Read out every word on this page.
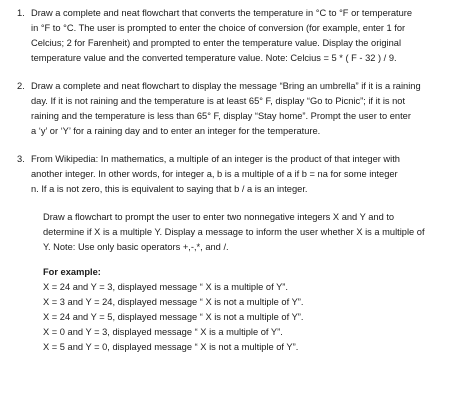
1. Draw a complete and neat flowchart that converts the temperature in °C to °F or temperature
in °F to °C. The user is prompted to enter the choice of conversion (for example, enter 1 for
Celcius; 2 for Farenheit) and prompted to enter the temperature value. Display the original
temperature value and the converted temperature value. Note: Celcius = 5 * ( F - 32 ) / 9.
2. Draw a complete and neat flowchart to display the message “Bring an umbrella” if it is a raining
day. If it is not raining and the temperature is at least 65° F, display “Go to Picnic”; if it is not
raining and the temperature is less than 65° F, display “Stay home”. Prompt the user to enter
a ‘y’ or ‘Y’ for a raining day and to enter an integer for the temperature.
3. From Wikipedia: In mathematics, a multiple of an integer is the product of that integer with
another integer. In other words, for integer a, b is a multiple of a if b = na for some integer
n. If a is not zero, this is equivalent to saying that b / a is an integer.
Draw a flowchart to prompt the user to enter two nonnegative integers X and Y and to
determine if X is a multiple Y. Display a message to inform the user whether X is a multiple of
Y. Note: Use only basic operators +,-,*, and /.
For example:
X = 24 and Y = 3, displayed message “ X is a multiple of Y”.
X = 3 and Y = 24, displayed message “ X is not a multiple of Y”.
X = 24 and Y = 5, displayed message “ X is not a multiple of Y”.
X = 0 and Y = 3, displayed message “ X is a multiple of Y”.
X = 5 and Y = 0, displayed message “ X is not a multiple of Y”.
